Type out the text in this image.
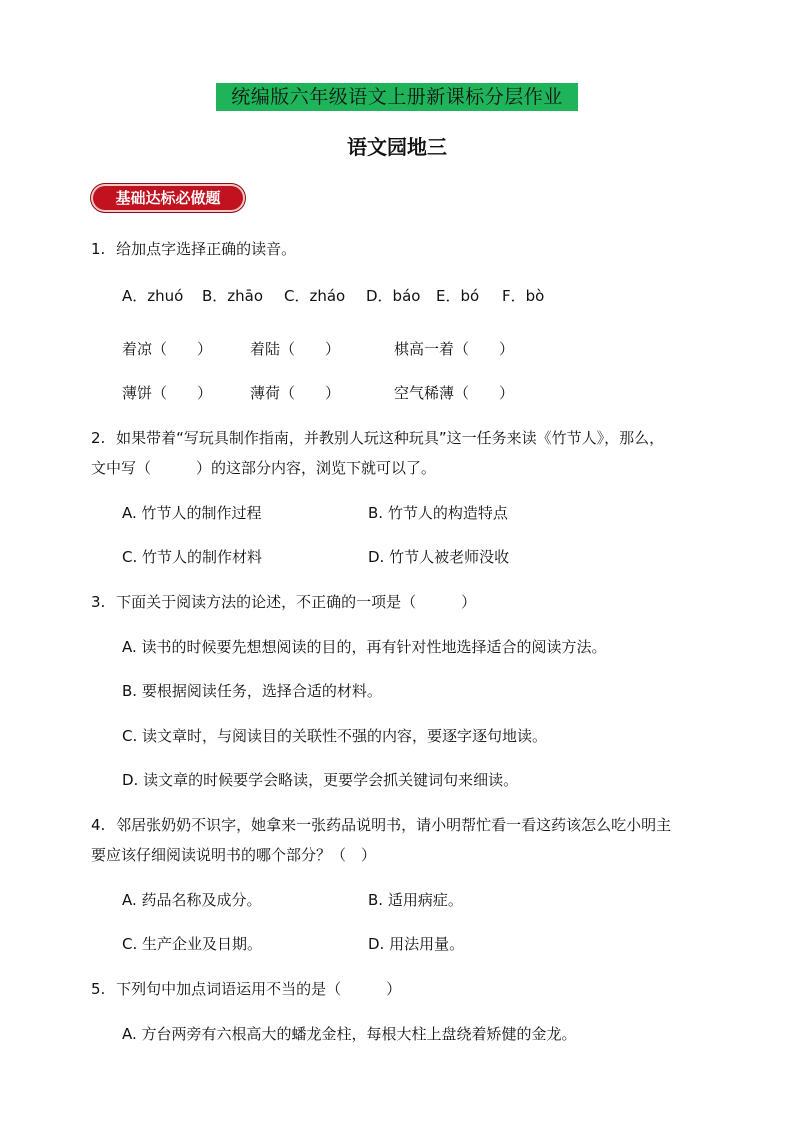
统编版六年级语文上册新课标分层作业
语文园地三
基础达标必做题
1. 给加点字选择正确的读音。
A．zhuó B．zhāo C．zháo D．báo E．bó F．bò
着凉（　　）	着陆（　　）	棋高一着（　　）
薄饼（　　）	薄荷（　　）	空气稀薄（　　）
2. 如果带着“写玩具制作指南，并教别人玩这种玩具”这一任务来读《竹节人》，那么，
文中写（　　　）的这部分内容，浏览下就可以了。
A. 竹节人的制作过程	B. 竹节人的构造特点
C. 竹节人的制作材料	D. 竹节人被老师没收
3. 下面关于阅读方法的论述，不正确的一项是（　　　）
A. 读书的时候要先想想阅读的目的，再有针对性地选择适合的阅读方法。
B. 要根据阅读任务，选择合适的材料。
C. 读文章时，与阅读目的关联性不强的内容，要逐字逐句地读。
D. 读文章的时候要学会略读，更要学会抓关键词句来细读。
4. 邻居张奶奶不识字，她拿来一张药品说明书，请小明帮忙看一看这药该怎么吃小明主
要应该仔细阅读说明书的哪个部分？（　）
A. 药品名称及成分。	B. 适用病症。
C. 生产企业及日期。	D. 用法用量。
5. 下列句中加点词语运用不当的是（　　　）
A. 方台两旁有六根高大的蟠龙金柱，每根大柱上盘绕着矫健的金龙。
